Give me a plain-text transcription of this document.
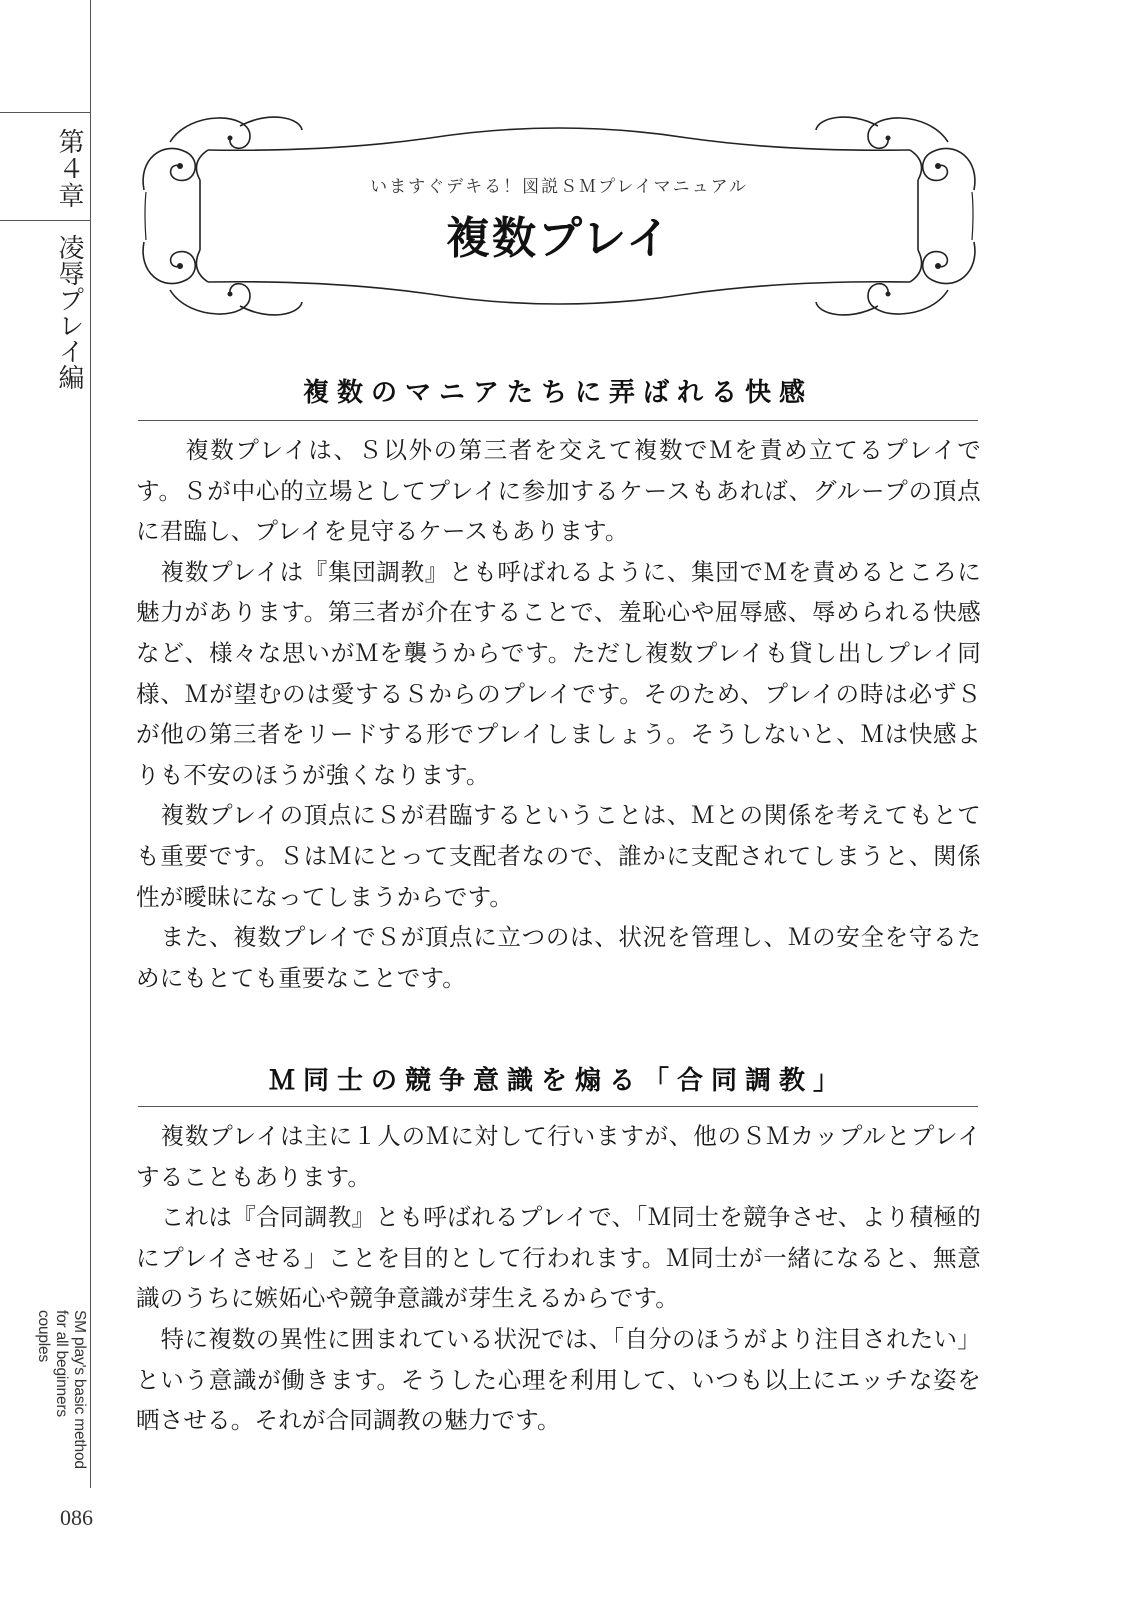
第４章
凌辱プレイ編
SM play's basic method for all beginners couples
086
いますぐデキる！図説ＳＭプレイマニュアル
複数プレイ
複数のマニアたちに弄ばれる快感

複数プレイは、Ｓ以外の第三者を交えて複数でＭを責め立てるプレイです。Ｓが中心的立場としてプレイに参加するケースもあれば、グループの頂点に君臨し、プレイを見守るケースもあります。

複数プレイは『集団調教』とも呼ばれるように、集団でＭを責めるところに魅力があります。第三者が介在することで、羞恥心や屈辱感、辱められる快感など、様々な思いがＭを襲うからです。ただし複数プレイも貸し出しプレイ同様、Ｍが望むのは愛するＳからのプレイです。そのため、プレイの時は必ずＳが他の第三者をリードする形でプレイしましょう。そうしないと、Ｍは快感よりも不安のほうが強くなります。

複数プレイの頂点にＳが君臨するということは、Ｍとの関係を考えてもとても重要です。ＳはＭにとって支配者なので、誰かに支配されてしまうと、関係性が曖昧になってしまうからです。

また、複数プレイでＳが頂点に立つのは、状況を管理し、Ｍの安全を守るためにもとても重要なことです。

Ｍ同士の競争意識を煽る「合同調教」

複数プレイは主に１人のＭに対して行いますが、他のＳＭカップルとプレイすることもあります。

これは『合同調教』とも呼ばれるプレイで、「Ｍ同士を競争させ、より積極的にプレイさせる」ことを目的として行われます。Ｍ同士が一緒になると、無意識のうちに嫉妬心や競争意識が芽生えるからです。

特に複数の異性に囲まれている状況では、「自分のほうがより注目されたい」という意識が働きます。そうした心理を利用して、いつも以上にエッチな姿を晒させる。それが合同調教の魅力です。
